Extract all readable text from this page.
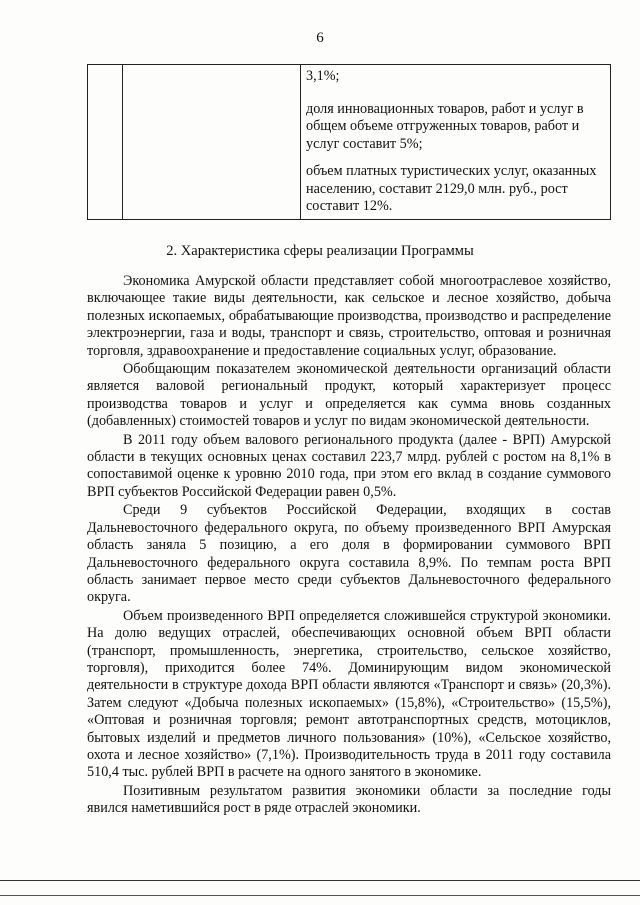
6

3,1%;

доля инновационных товаров, работ и услуг в общем объеме отгруженных товаров, работ и услуг составит 5%;

объем платных туристических услуг, оказанных населению, составит 2129,0 млн. руб., рост составит 12%.

2. Характеристика сферы реализации Программы

Экономика Амурской области представляет собой многоотраслевое хозяйство, включающее такие виды деятельности, как сельское и лесное хозяйство, добыча полезных ископаемых, обрабатывающие производства, производство и распределение электроэнергии, газа и воды, транспорт и связь, строительство, оптовая и розничная торговля, здравоохранение и предоставление социальных услуг, образование.

Обобщающим показателем экономической деятельности организаций области является валовой региональный продукт, который характеризует процесс производства товаров и услуг и определяется как сумма вновь созданных (добавленных) стоимостей товаров и услуг по видам экономической деятельности.

В 2011 году объем валового регионального продукта (далее - ВРП) Амурской области в текущих основных ценах составил 223,7 млрд. рублей с ростом на 8,1% в сопоставимой оценке к уровню 2010 года, при этом его вклад в создание суммового ВРП субъектов Российской Федерации равен 0,5%.

Среди 9 субъектов Российской Федерации, входящих в состав Дальневосточного федерального округа, по объему произведенного ВРП Амурская область заняла 5 позицию, а его доля в формировании суммового ВРП Дальневосточного федерального округа составила 8,9%. По темпам роста ВРП область занимает первое место среди субъектов Дальневосточного федерального округа.

Объем произведенного ВРП определяется сложившейся структурой экономики. На долю ведущих отраслей, обеспечивающих основной объем ВРП области (транспорт, промышленность, энергетика, строительство, сельское хозяйство, торговля), приходится более 74%. Доминирующим видом экономической деятельности в структуре дохода ВРП области являются «Транспорт и связь» (20,3%). Затем следуют «Добыча полезных ископаемых» (15,8%), «Строительство» (15,5%), «Оптовая и розничная торговля; ремонт автотранспортных средств, мотоциклов, бытовых изделий и предметов личного пользования» (10%), «Сельское хозяйство, охота и лесное хозяйство» (7,1%). Производительность труда в 2011 году составила 510,4 тыс. рублей ВРП в расчете на одного занятого в экономике.

Позитивным результатом развития экономики области за последние годы явился наметившийся рост в ряде отраслей экономики.
